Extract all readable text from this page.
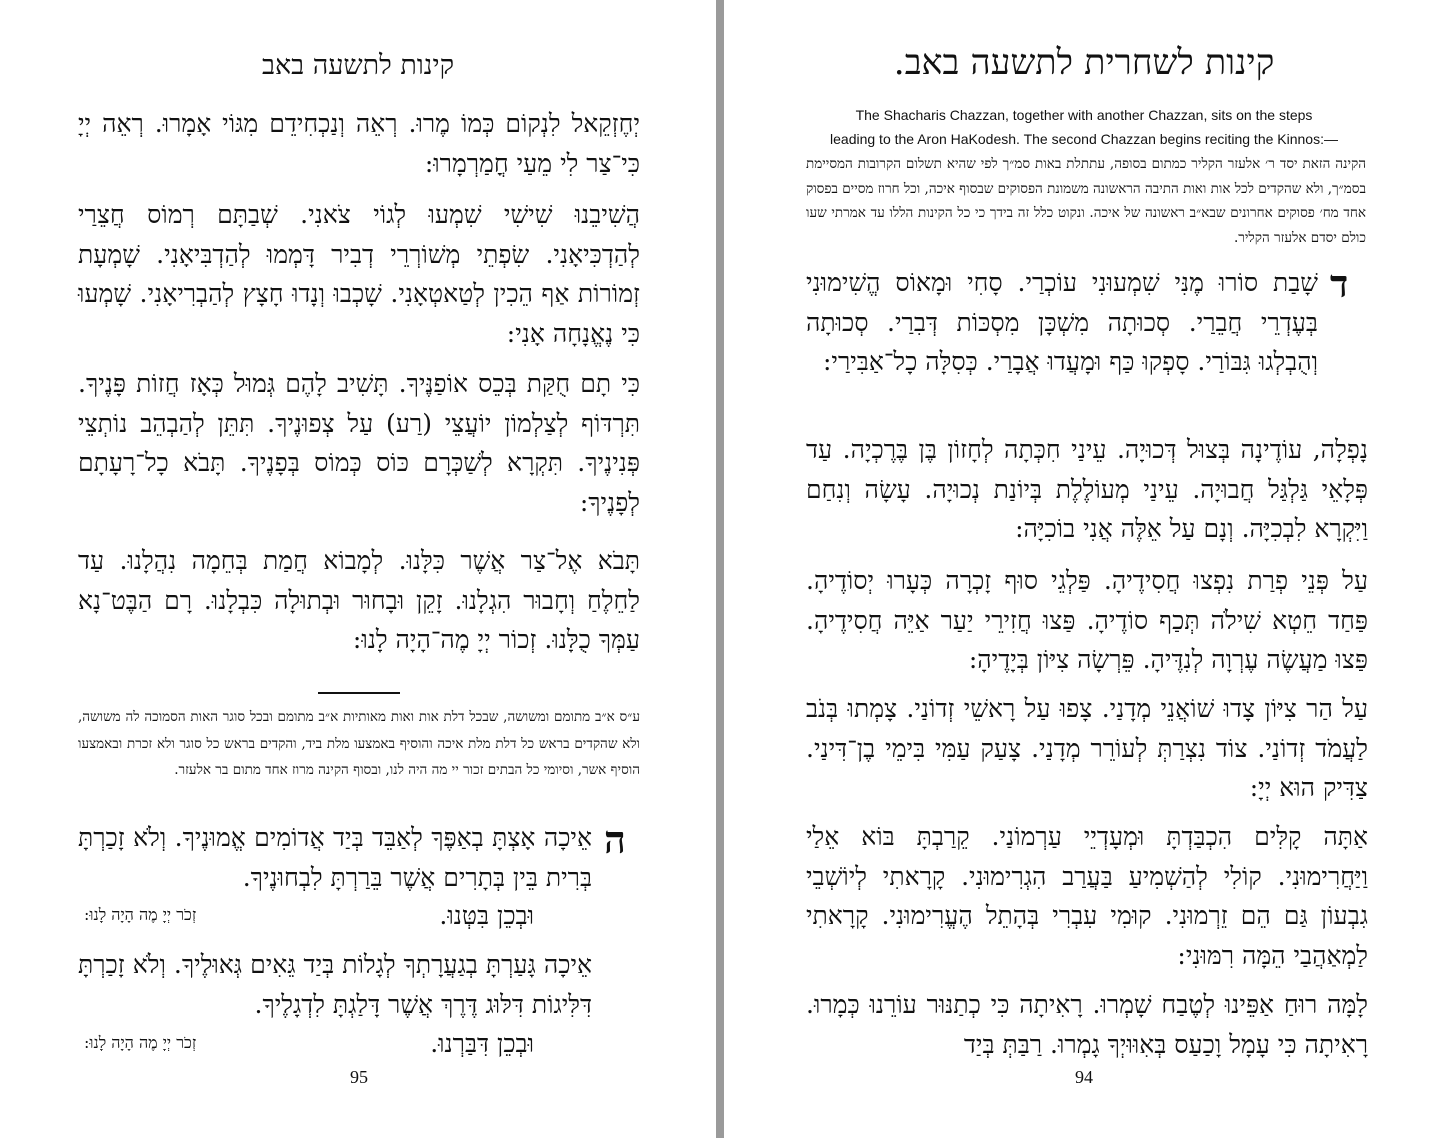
קינות לתשעה באב
יְחֶזְקֵאל לִנְקוֹם כְּמוֹ מֶרוּ. רְאֵה וְנַכְחִידֵם מִגּוֹי אָמָרוּ. רְאֵה יְיָ כִּי־צַר לִי מֵעַי חֳמַרְמָרוּ:
הֲשִׁיבֵנוּ שִׁישִׁי שִׁמְעוּ לְגוֹי צֹאנִי. שְׁבַתָּם רְמוֹס חֲצֵרַי לְהַדְכִּיאָנִי. שִׂפְתֵי מְשׁוֹרְרֵי דְבִיר דָּמְמוּ לְהַדְבִּיאָנִי. שָׁמְעָת זְמוֹרוֹת אַף הֵכִין לְטַאטְאָנִי. שָׁכְבוּ וְנָדוּ חָצָץ לְהַבְרִיאָנִי. שָׁמְעוּ כִּי נֶאֱנָחָה אָנִי:
כִּי תָם חֻקַּת בְּכֵס אוֹפַנֶּיךָ. תָּשִׁיב לָהֶם גְּמוּל כְּאָז חֲזוֹת פָּנֶיךָ. תִּרְדּוֹף לְצַלְמוֹן יוֹעֲצֵי (רַע) עַל צְפוּנֶיךָ. תִּתֵּן לְהַבְהֵב נוֹתְצֵי פְּנִינֶיךָ. תִּקְרָא לְשַׁכְּרָם כּוֹס כְּמוֹס בְּפָנֶיךָ. תָּבֹא כָל־רָעָתָם לְפָנֶיךָ:
תָּבֹא אֶל־צַר אֲשֶׁר כִּלָּנוּ. לְמָבוֹא חֲמַת בְּחֵמָה נִהֲלָנוּ. עַד לַחֵלֶחַ וְחָבוּר הִגְלָנוּ. זָקֵן וּבָחוּר וּבְתוּלָה כִּבְלָנוּ. רָם הַבֶּט־נָא עַמְּךָ כֻלָּנוּ. זְכוֹר יְיָ מֶה־הָיָה לָנוּ:
ע״ס א״ב מתומם ומשושה, שבכל דלת אות ואות מאותיות א״ב מתומם ובכל סוגר האות הסמוכה לה משושה, ולא שהקדים בראש כל דלת מלת איכה והוסיף באמצעו מלת ביד, והקדים בראש כל סוגר ולא זכרת ובאמצעו הוסיף אשר, וסיומי כל הבתים זכור יי מה היה לנו, ובסוף הקינה מרוז אחד מתום בר אלעזר.
ה
אֵיכָה אָצְתָּ בְאַפֶּךָ לְאַבֵּד בְּיַד אֲדוֹמִים אֱמוּנֶיךָ. וְלֹא זָכַרְתָּ בְּרִית בֵּין בְּתָרִים אֲשֶׁר בֵּרַרְתָּ לִבְחוּנֶיךָ.
וּבְכֵן בִּטְּנוּ.
זְכֹר יְיָ מֶה הָיָה לָנוּ:
אֵיכָה גָּעַרְתָּ בְגַעֲרָתְךָ לְגָלוֹת בְּיַד גֵּאִים גְּאוּלֶיךָ. וְלֹא זָכַרְתָּ דִּלִּיגוֹת דִּלּוּג דֶּרֶךְ אֲשֶׁר דָּלַגְתָּ לִדְגָלֶיךָ.
וּבְכֵן דִּבַּרְנוּ.
זְכֹר יְיָ מֶה הָיָה לָנוּ:
95
קינות לשחרית לתשעה באב.
The Shacharis Chazzan, together with another Chazzan, sits on the steps
leading to the Aron HaKodesh. The second Chazzan begins reciting the Kinnos:—
הקינה הזאת יסד ר׳ אלעזר הקליר כמתום בסופה, עתתלת באות סמ״ך לפי שהיא תשלום הקרובות המסיימת בסמ״ך, ולא שהקדים לכל אות ואות התיבה הראשונה משמונת הפסוקים שבסוף איכה, וכל חרוז מסיים בפסוק אחד מח׳ פסוקים אחרונים שבא״ב ראשונה של איכה. ונקוט כלל זה בידך כי כל הקינות הללו עד אמרתי שעו כולם יסדם אלעזר הקליר.
ד
שָׁבַת סוֹרוּ מֶנִּי שִׁמְעוּנִי עוֹכְרַי. סָחִי וּמָאוֹס הֱשִׁימוּנִי בְּעֶדְרֵי חֲבֵרַי. סְכוּתָה מִשְׁכָּן מִסְכּוֹת דְּבִרַי. סְכוּתָה וְהֻבְלְגוּ גִּבּוֹרַי. סָפְקוּ כַּף וּמָעֲדוּ אֲבָרַי. כְּסִלָּה כָל־אַבִּירַי:
נָפְלָה, עוֹדֶינָה בְּצוּל דְּכוּיָה. עֵינַי חִכְּתָה לְחָזוֹן בֶּן בֶּרֶכְיָה. עַד פְּלָאֵי גַּלְגַּל חֲבוּיָה. עֵינַי מְעוֹלֶלֶת בְּיוֹנַת נְכוּיָה. עָשָׂה וְנִחַם וַיִּקְרָא לִבְכִיָּה. וְנָם עַל אֵלֶּה אֲנִי בוֹכִיָּה:
עַל פְּנֵי פְרַת נִפְצוּ חֲסִידֶיהָ. פַּלְגֵי סוּף זָכְרָה כְּעָרוּ יְסוֹדֶיהָ. פַּחַד חֵטְא שִׁילֹה תְּכַף סוֹדֶיהָ. פַּצוּ חֲזִירֵי יַעַר אַיֵּה חֲסִידֶיהָ. פַּצוּ מַעֲשֶׂה עֶרְוָה לְנִדֶּיהָ. פֵּרְשָׂה צִיּוֹן בְּיָדֶיהָ:
עַל הַר צִיּוֹן צָדוּ שׁוֹאֲנֵי מְדָנַי. צָפוּ עַל רָאשֵׁי זְדוֹנַי. צָמְתוּ בְּנֹב לַעֲמֹד זְדוֹנַי. צוֹד נִצְרַתְּ לְעוֹרֵר מְדָנַי. צָעַק עַמִּי בִּימֵי בֶן־דִּינַי. צַדִּיק הוּא יְיָ:
אַתָּה קָלִּים הִכְבַּדְתָּ וּמְעָדְיֵי עַרְמוֹנַי. קֵרַבְתָּ בּוֹא אֵלַי וַיַּחֲרִימוּנִי. קוֹלִי לְהַשְׁמִיעַ בַּעֲרַב הִגְרִימוּנִי. קָרָאתִי לְיוֹשְׁבֵי גִבְעוֹן גַּם הֵם זֵרְמוּנִי. קוּמִי עִבְרִי בְּהָתֵל הֶעֱרִימוּנִי. קָרָאתִי לַמְאַהֲבַי הֵמָּה רִמּוּנִי:
לָמָּה רוּחַ אַפֵּינוּ לְטֶבַח שָׁמְרוּ. רָאִיתָה כִּי כְתַנּוּר עוֹרֵנוּ כְּמָרוּ. רָאִיתָה כִּי עָמָל וָכַעַס בְּאִוּוּיְךָ גָמְרוּ. רַבַּתְּ בְּיַד
94
